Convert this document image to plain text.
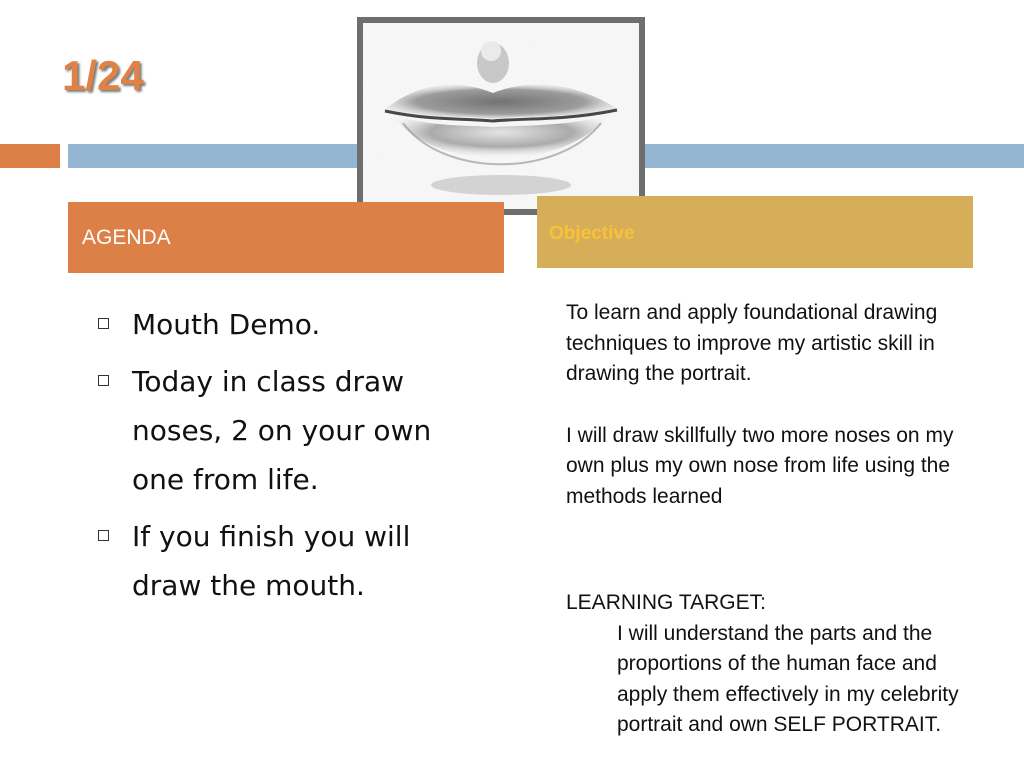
1/24
AGENDA	Objective
Mouth Demo.
Today in class draw noses, 2 on your own one from life.
If you finish you will draw the mouth.

To learn and apply foundational drawing techniques to improve my artistic skill in drawing the portrait.

I will draw skillfully two more noses on my own plus my own nose from life using the methods learned

LEARNING TARGET:

I will understand the parts and the proportions of the human face and apply them effectively in my celebrity portrait and own SELF PORTRAIT.
